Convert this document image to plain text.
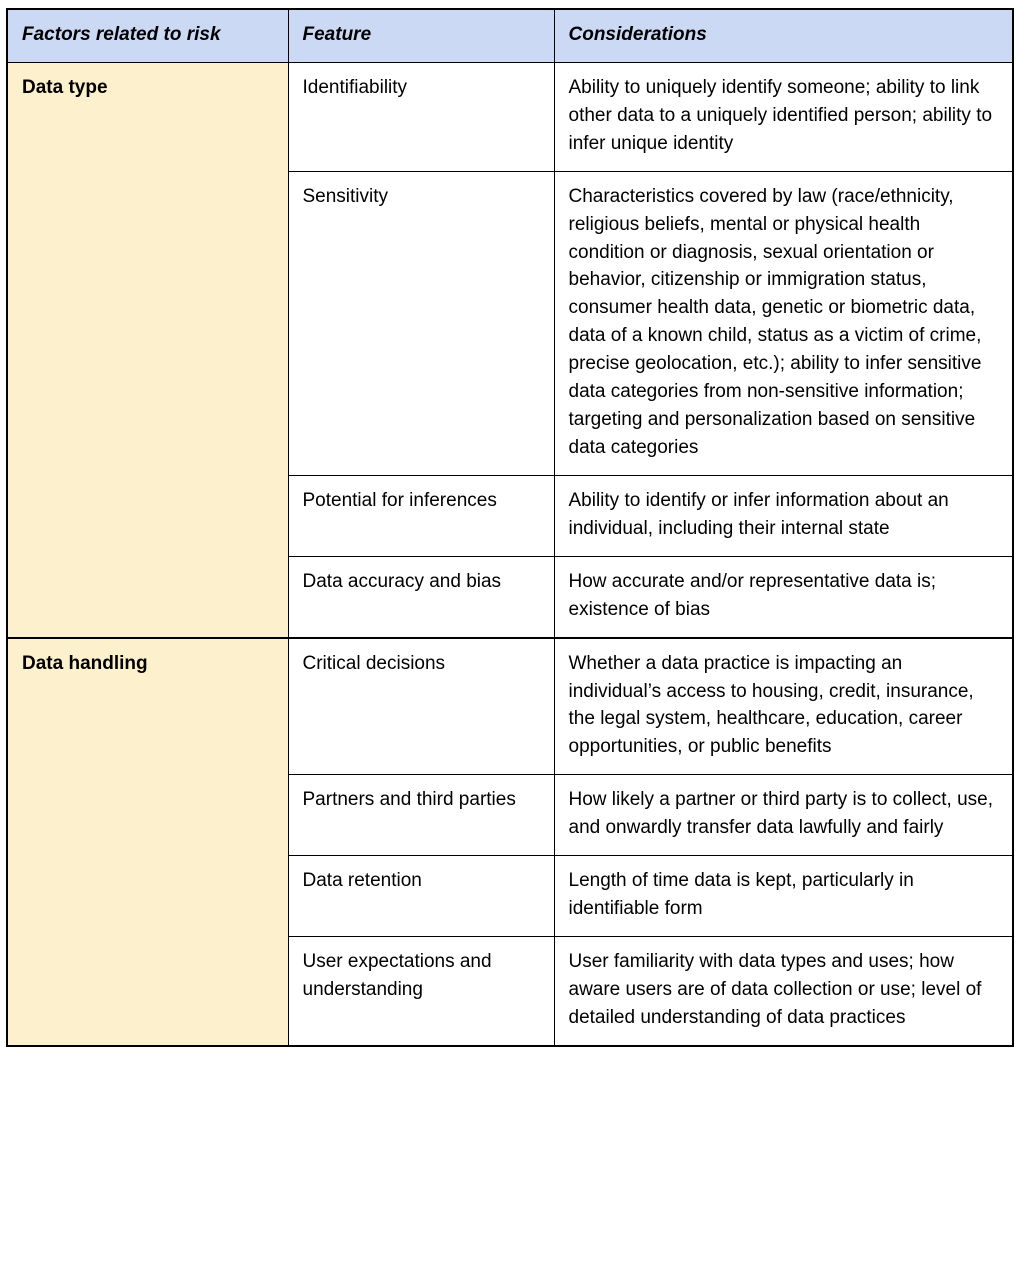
Factors related to risk	Feature	Considerations
Data type	Identifiability	Ability to uniquely identify someone; ability to link other data to a uniquely identified person; ability to infer unique identity
	Sensitivity	Characteristics covered by law (race/ethnicity, religious beliefs, mental or physical health condition or diagnosis, sexual orientation or behavior, citizenship or immigration status, consumer health data, genetic or biometric data, data of a known child, status as a victim of crime, precise geolocation, etc.); ability to infer sensitive data categories from non-sensitive information; targeting and personalization based on sensitive data categories
	Potential for inferences	Ability to identify or infer information about an individual, including their internal state
	Data accuracy and bias	How accurate and/or representative data is; existence of bias
Data handling	Critical decisions	Whether a data practice is impacting an individual’s access to housing, credit, insurance, the legal system, healthcare, education, career opportunities, or public benefits
	Partners and third parties	How likely a partner or third party is to collect, use, and onwardly transfer data lawfully and fairly
	Data retention	Length of time data is kept, particularly in identifiable form
	User expectations and understanding	User familiarity with data types and uses; how aware users are of data collection or use; level of detailed understanding of data practices
